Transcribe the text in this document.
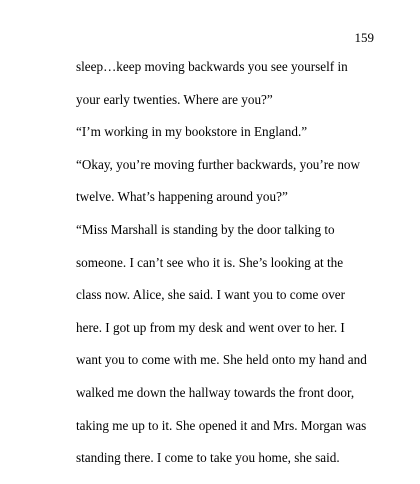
159
sleep…keep moving backwards you see yourself in
your early twenties. Where are you?”
“I’m working in my bookstore in England.”
“Okay, you’re moving further backwards, you’re now
twelve. What’s happening around you?”
“Miss Marshall is standing by the door talking to
someone. I can’t see who it is. She’s looking at the
class now. Alice, she said. I want you to come over
here. I got up from my desk and went over to her. I
want you to come with me. She held onto my hand and
walked me down the hallway towards the front door,
taking me up to it. She opened it and Mrs. Morgan was
standing there. I come to take you home, she said.
